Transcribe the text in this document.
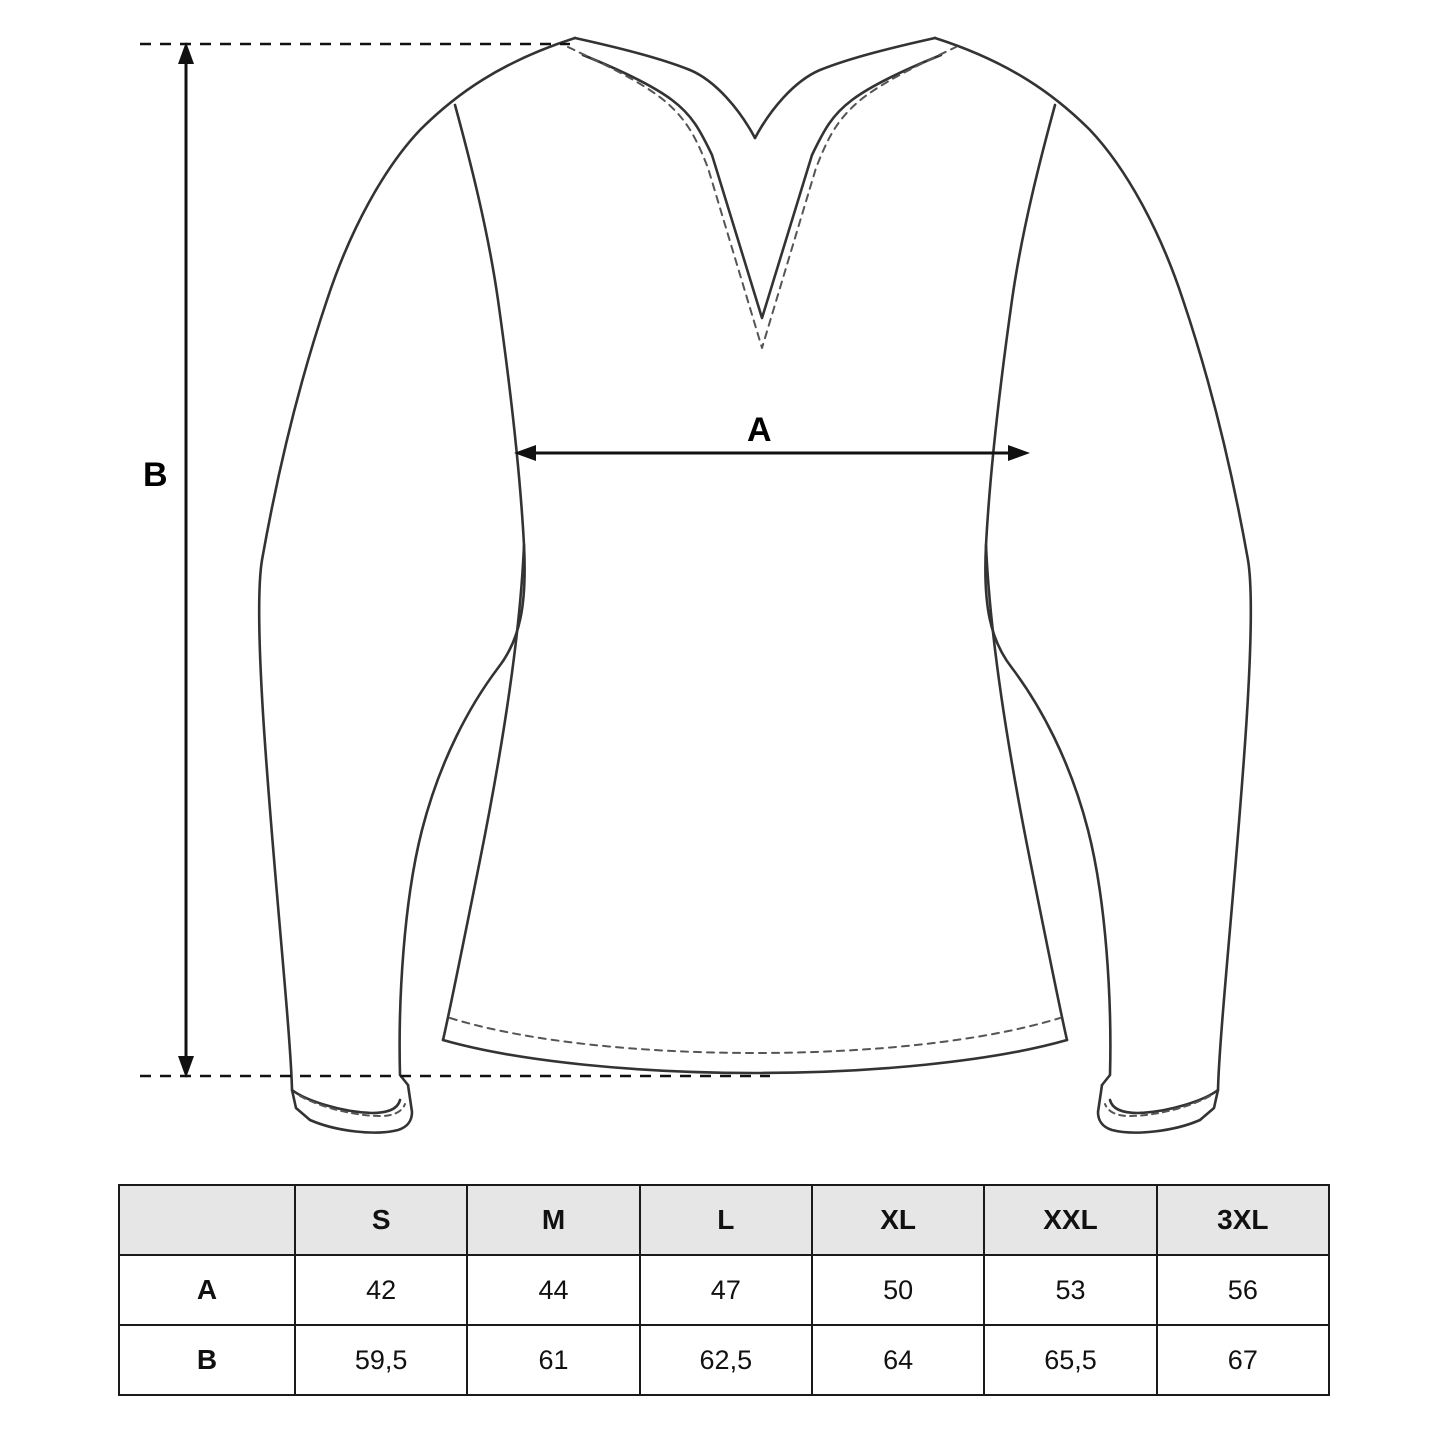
B
A
	S	M	L	XL	XXL	3XL
A	42	44	47	50	53	56
B	59,5	61	62,5	64	65,5	67
